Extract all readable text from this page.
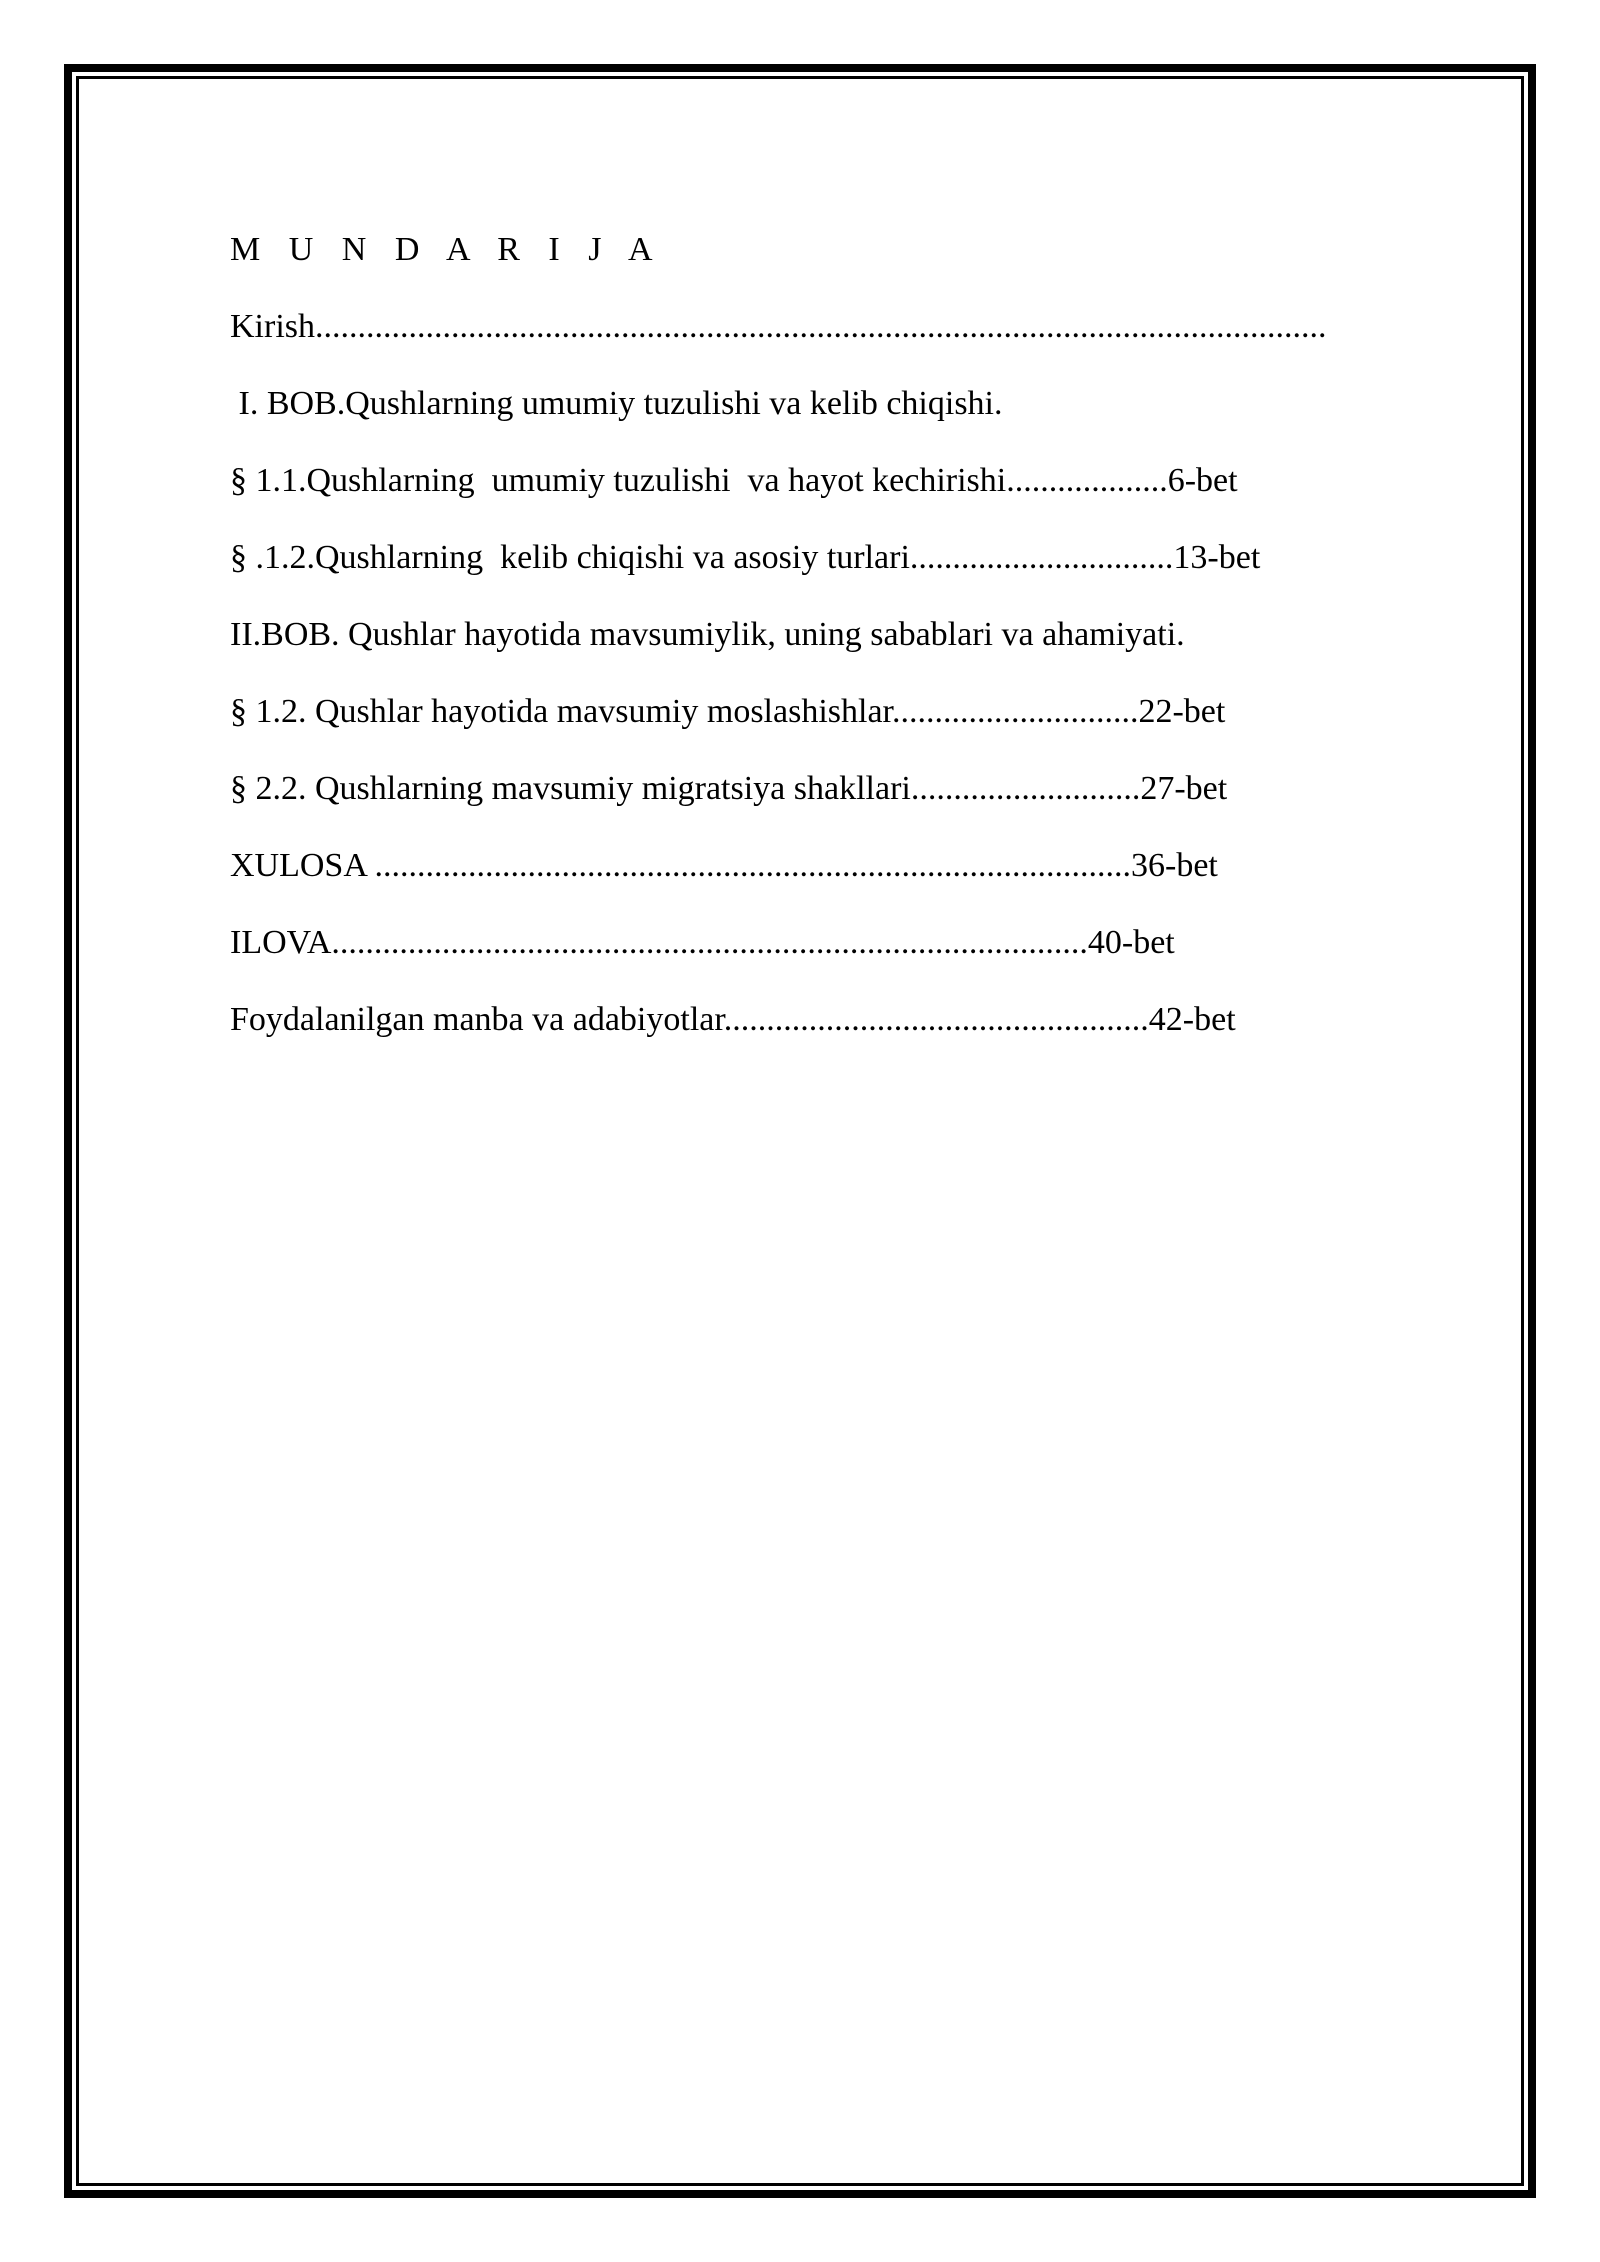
M U N D A R I J A
Kirish.......................................................................................................................
I. BOB.Qushlarning umumiy tuzulishi va kelib chiqishi.
§ 1.1.Qushlarning  umumiy tuzulishi  va hayot kechirishi...................6-bet
§ .1.2.Qushlarning  kelib chiqishi va asosiy turlari...............................13-bet
II.BOB. Qushlar hayotida mavsumiylik, uning sabablari va ahamiyati.
§ 1.2. Qushlar hayotida mavsumiy moslashishlar.............................22-bet
§ 2.2. Qushlarning mavsumiy migratsiya shakllari...........................27-bet
XULOSA .........................................................................................36-bet
ILOVA.........................................................................................40-bet
Foydalanilgan manba va adabiyotlar..................................................42-bet
